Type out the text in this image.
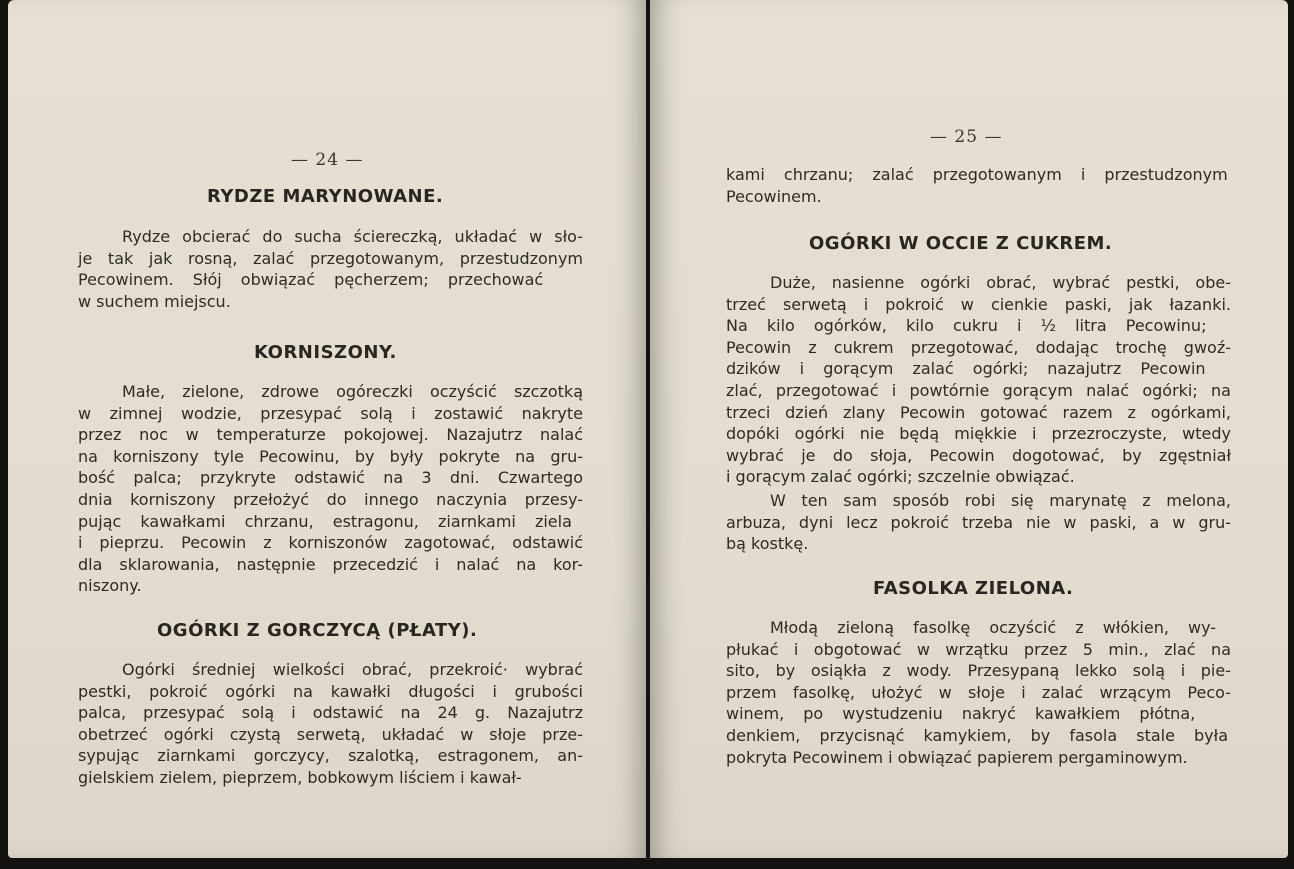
— 24 —
RYDZE MARYNOWANE.
Rydze obcierać do sucha ściereczką, układać w sło-
je tak jak rosną, zalać przegotowanym, przestudzonym
Pecowinem. Słój obwiązać pęcherzem; przechować
w suchem miejscu.
KORNISZONY.
Małe, zielone, zdrowe ogóreczki oczyścić szczotką
w zimnej wodzie, przesypać solą i zostawić nakryte
przez noc w temperaturze pokojowej. Nazajutrz nalać
na korniszony tyle Pecowinu, by były pokryte na gru-
bość palca; przykryte odstawić na 3 dni. Czwartego
dnia korniszony przełożyć do innego naczynia przesy-
pując kawałkami chrzanu, estragonu, ziarnkami ziela
i pieprzu. Pecowin z korniszonów zagotować, odstawić
dla sklarowania, następnie przecedzić i nalać na kor-
niszony.
OGÓRKI Z GORCZYCĄ (PŁATY).
Ogórki średniej wielkości obrać, przekroić· wybrać
pestki, pokroić ogórki na kawałki długości i grubości
palca, przesypać solą i odstawić na 24 g. Nazajutrz
obetrzeć ogórki czystą serwetą, układać w słoje prze-
sypując ziarnkami gorczycy, szalotką, estragonem, an-
gielskiem zielem, pieprzem, bobkowym liściem i kawał-
— 25 —
kami chrzanu; zalać przegotowanym i przestudzonym
Pecowinem.
OGÓRKI W OCCIE Z CUKREM.
Duże, nasienne ogórki obrać, wybrać pestki, obe-
trzeć serwetą i pokroić w cienkie paski, jak łazanki.
Na kilo ogórków, kilo cukru i ½ litra Pecowinu;
Pecowin z cukrem przegotować, dodając trochę gwoź-
dzików i gorącym zalać ogórki; nazajutrz Pecowin
zlać, przegotować i powtórnie gorącym nalać ogórki; na
trzeci dzień zlany Pecowin gotować razem z ogórkami,
dopóki ogórki nie będą miękkie i przezroczyste, wtedy
wybrać je do słoja, Pecowin dogotować, by zgęstniał
i gorącym zalać ogórki; szczelnie obwiązać.
W ten sam sposób robi się marynatę z melona,
arbuza, dyni lecz pokroić trzeba nie w paski, a w gru-
bą kostkę.
FASOLKA ZIELONA.
Młodą zieloną fasolkę oczyścić z włókien, wy-
płukać i obgotować w wrzątku przez 5 min., zlać na
sito, by osiąkła z wody. Przesypaną lekko solą i pie-
przem fasolkę, ułożyć w słoje i zalać wrzącym Peco-
winem, po wystudzeniu nakryć kawałkiem płótna,
denkiem, przycisnąć kamykiem, by fasola stale była
pokryta Pecowinem i obwiązać papierem pergaminowym.
